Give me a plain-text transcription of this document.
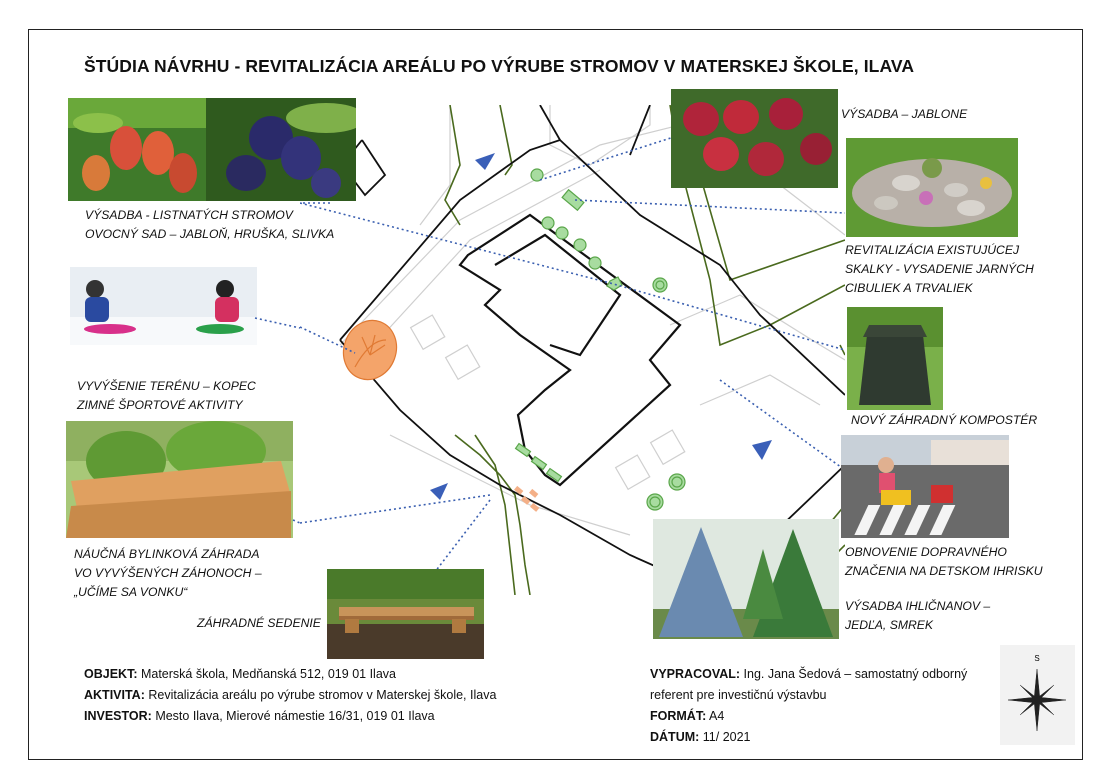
ŠTÚDIA NÁVRHU - REVITALIZÁCIA AREÁLU PO VÝRUBE STROMOV V MATERSKEJ ŠKOLE, ILAVA
VÝSADBA - LISTNATÝCH STROMOV
OVOCNÝ SAD – JABLOŇ, HRUŠKA, SLIVKA
VYVÝŠENIE TERÉNU – KOPEC
ZIMNÉ ŠPORTOVÉ AKTIVITY
NÁUČNÁ BYLINKOVÁ ZÁHRADA
VO VYVÝŠENÝCH ZÁHONOCH –
„UČÍME SA VONKU“
ZÁHRADNÉ SEDENIE
VÝSADBA – JABLONE
REVITALIZÁCIA EXISTUJÚCEJ
SKALKY - VYSADENIE JARNÝCH
CIBULIEK A TRVALIEK
NOVÝ ZÁHRADNÝ KOMPOSTÉR
OBNOVENIE DOPRAVNÉHO
ZNAČENIA NA DETSKOM IHRISKU
VÝSADBA IHLIČNANOV –
JEDĽA, SMREK
OBJEKT: Materská škola, Medňanská 512, 019 01 Ilava
AKTIVITA: Revitalizácia areálu po výrube stromov v Materskej škole, Ilava
INVESTOR: Mesto Ilava, Mierové námestie 16/31, 019 01 Ilava
VYPRACOVAL: Ing. Jana Šedová – samostatný odborný
referent pre investičnú výstavbu
FORMÁT: A4
DÁTUM: 11/ 2021
S
